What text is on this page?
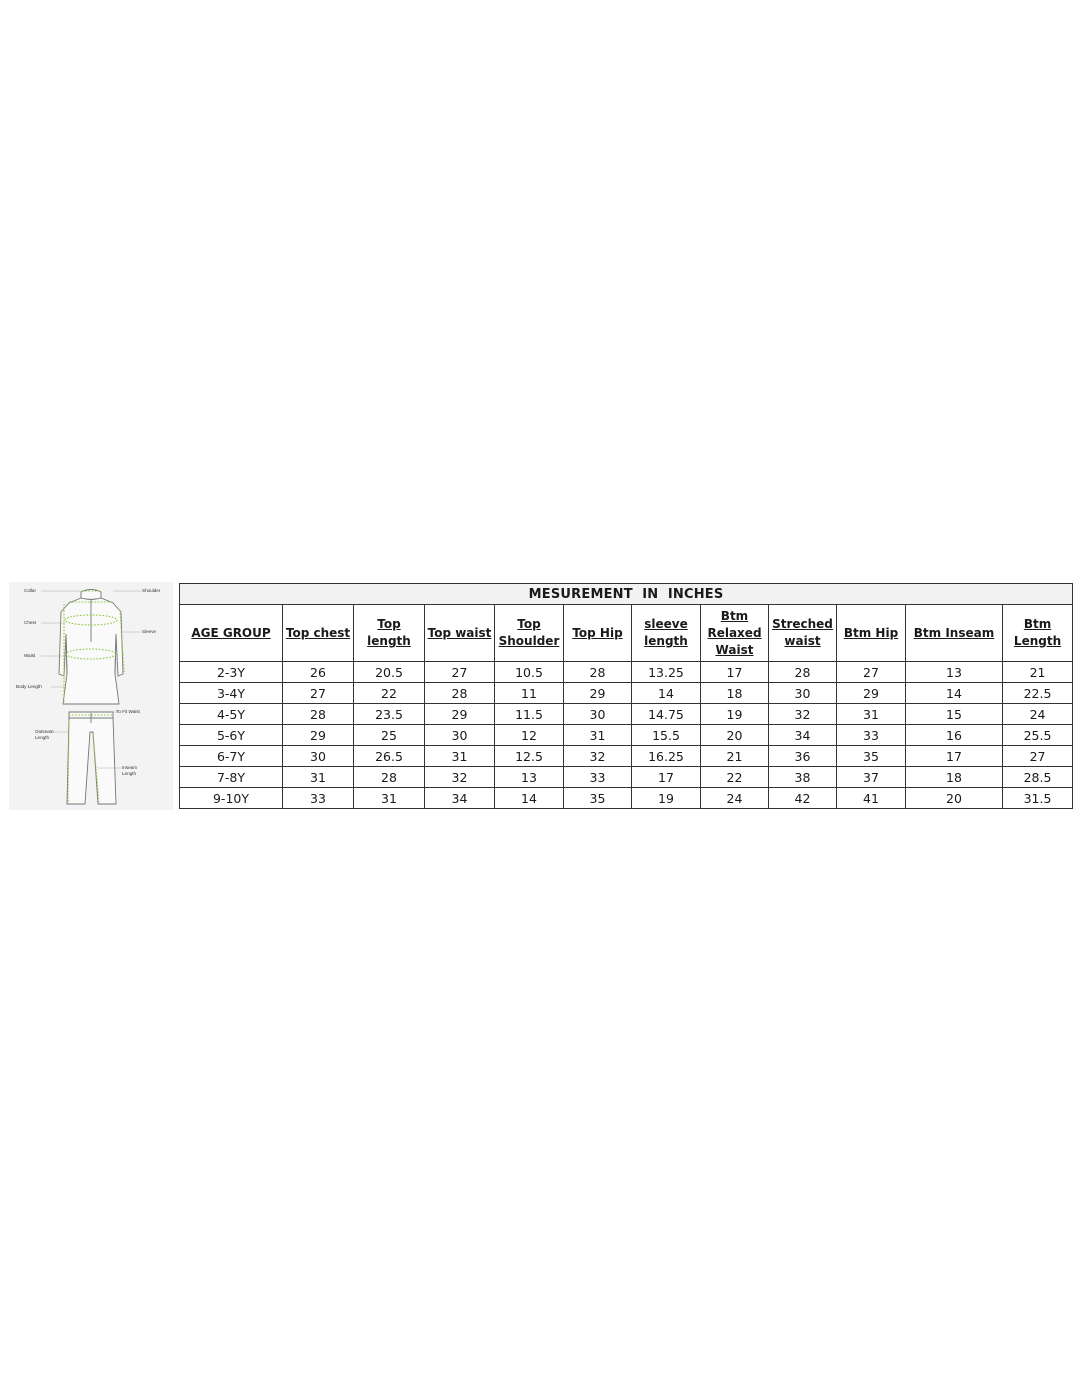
Collar	Shoulder
Chest
Sleeve
Waist
Body Length
To Fit Waist
Outseam
Length
Inseam
Length
MESUREMENT  IN  INCHES											
AGE GROUP	Top chest	Top length	Top waist	Top Shoulder	Top Hip	sleeve length	Btm Relaxed Waist	Streched waist	Btm Hip	Btm Inseam	Btm Length
2-3Y	26	20.5	27	10.5	28	13.25	17	28	27	13	21
3-4Y	27	22	28	11	29	14	18	30	29	14	22.5
4-5Y	28	23.5	29	11.5	30	14.75	19	32	31	15	24
5-6Y	29	25	30	12	31	15.5	20	34	33	16	25.5
6-7Y	30	26.5	31	12.5	32	16.25	21	36	35	17	27
7-8Y	31	28	32	13	33	17	22	38	37	18	28.5
9-10Y	33	31	34	14	35	19	24	42	41	20	31.5
